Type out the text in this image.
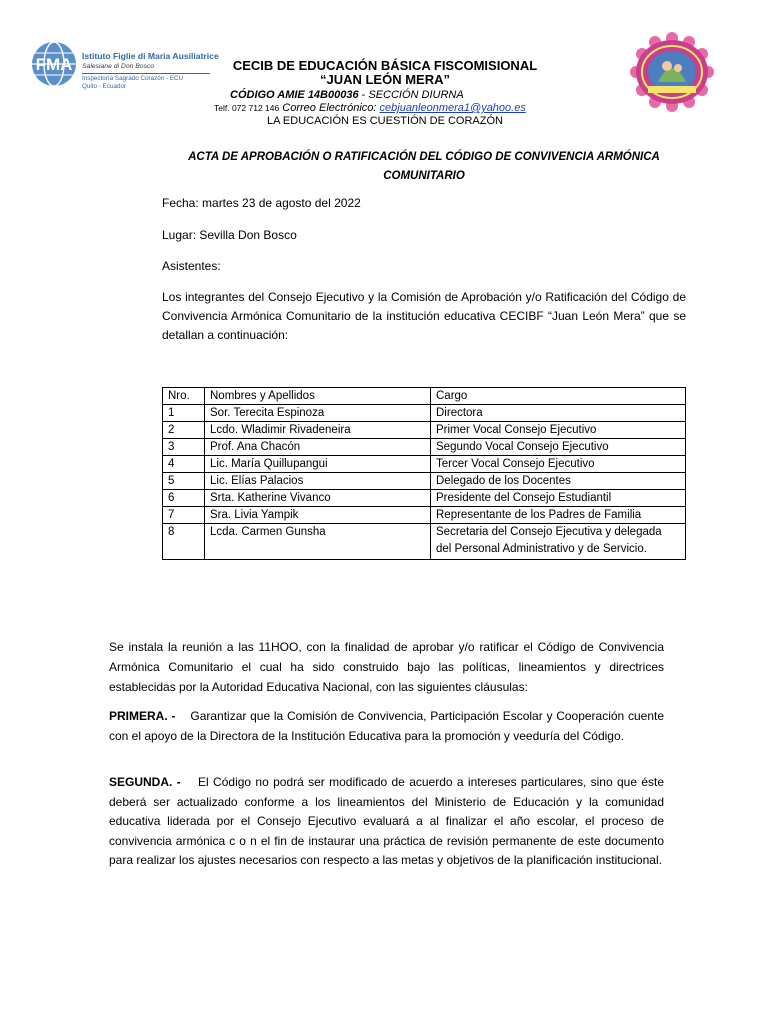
FMA Istituto Figlie di Maria Ausiliatrice
Salesiane di Don Bosco
Inspectoría Sagrado Corazón - ECU
Quito - Ecuador
CECIB DE EDUCACIÓN BÁSICA FISCOMISIONAL
“JUAN LEÓN MERA”
CÓDIGO AMIE 14B00036 - SECCIÓN DIURNA
Telf. 072 712 146 Correo Electrónico: cebjuanleonmera1@yahoo.es
LA EDUCACIÓN ES CUESTIÓN DE CORAZÓN
ACTA DE APROBACIÓN O RATIFICACIÓN DEL CÓDIGO DE CONVIVENCIA ARMÓNICA
COMUNITARIO
Fecha: martes 23 de agosto del 2022
Lugar: Sevilla Don Bosco
Asistentes:
Los integrantes del Consejo Ejecutivo y la Comisión de Aprobación y/o Ratificación del Código de Convivencia Armónica Comunitario de la institución educativa CECIBF “Juan León Mera” que se detallan a continuación:
Nro.	Nombres y Apellidos	Cargo
1	Sor. Terecita Espinoza	Directora
2	Lcdo. Wladimir Rivadeneira	Primer Vocal Consejo Ejecutivo
3	Prof. Ana Chacón	Segundo Vocal Consejo Ejecutivo
4	Lic. María Quillupangui	Tercer Vocal Consejo Ejecutivo
5	Lic. Elías Palacios	Delegado de los Docentes
6	Srta. Katherine Vivanco	Presidente del Consejo Estudiantil
7	Sra. Livia Yampik	Representante de los Padres de Familia
8	Lcda. Carmen Gunsha	Secretaria del Consejo Ejecutiva y delegada del Personal Administrativo y de Servicio.
Se instala la reunión a las 11HOO, con la finalidad de aprobar y/o ratificar el Código de Convivencia Armónica Comunitario el cual ha sido construido bajo las políticas, lineamientos y directrices establecidas por la Autoridad Educativa Nacional, con las siguientes cláusulas:
PRIMERA. - Garantizar que la Comisión de Convivencia, Participación Escolar y Cooperación cuente con el apoyo de la Directora de la Institución Educativa para la promoción y veeduría del Código.
SEGUNDA. - El Código no podrá ser modificado de acuerdo a intereses particulares, sino que éste deberá ser actualizado conforme a los lineamientos del Ministerio de Educación y la comunidad educativa liderada por el Consejo Ejecutivo evaluará a al finalizar el año escolar, el proceso de convivencia armónica c o n el fin de instaurar una práctica de revisión permanente de este documento para realizar los ajustes necesarios con respecto a las metas y objetivos de la planificación institucional.
